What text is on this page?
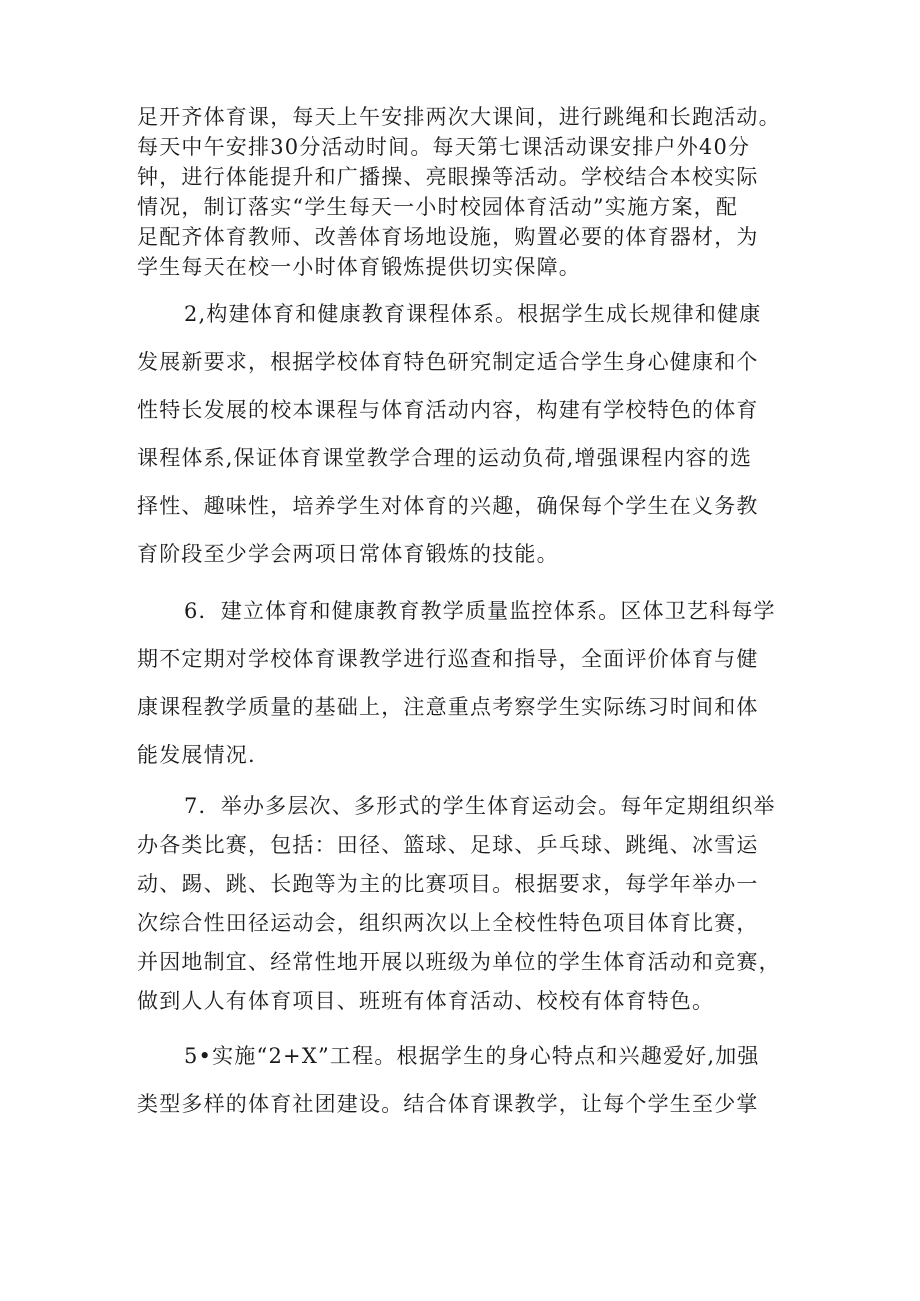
足开齐体育课，每天上午安排两次大课间，进行跳绳和长跑活动。
每天中午安排30分活动时间。每天第七课活动课安排户外40分
钟，进行体能提升和广播操、亮眼操等活动。学校结合本校实际
情况，制订落实“学生每天一小时校园体育活动”实施方案，配
足配齐体育教师、改善体育场地设施，购置必要的体育器材，为
学生每天在校一小时体育锻炼提供切实保障。
2,构建体育和健康教育课程体系。根据学生成长规律和健康
发展新要求，根据学校体育特色研究制定适合学生身心健康和个
性特长发展的校本课程与体育活动内容，构建有学校特色的体育
课程体系,保证体育课堂教学合理的运动负荷,增强课程内容的选
择性、趣味性，培养学生对体育的兴趣，确保每个学生在义务教
育阶段至少学会两项日常体育锻炼的技能。
6．建立体育和健康教育教学质量监控体系。区体卫艺科每学
期不定期对学校体育课教学进行巡查和指导，全面评价体育与健
康课程教学质量的基础上，注意重点考察学生实际练习时间和体
能发展情况.
7．举办多层次、多形式的学生体育运动会。每年定期组织举
办各类比赛，包括：田径、篮球、足球、乒乓球、跳绳、冰雪运
动、踢、跳、长跑等为主的比赛项目。根据要求，每学年举办一
次综合性田径运动会，组织两次以上全校性特色项目体育比赛，
并因地制宜、经常性地开展以班级为单位的学生体育活动和竞赛，
做到人人有体育项目、班班有体育活动、校校有体育特色。
5•实施“2+X”工程。根据学生的身心特点和兴趣爱好,加强
类型多样的体育社团建设。结合体育课教学，让每个学生至少掌
